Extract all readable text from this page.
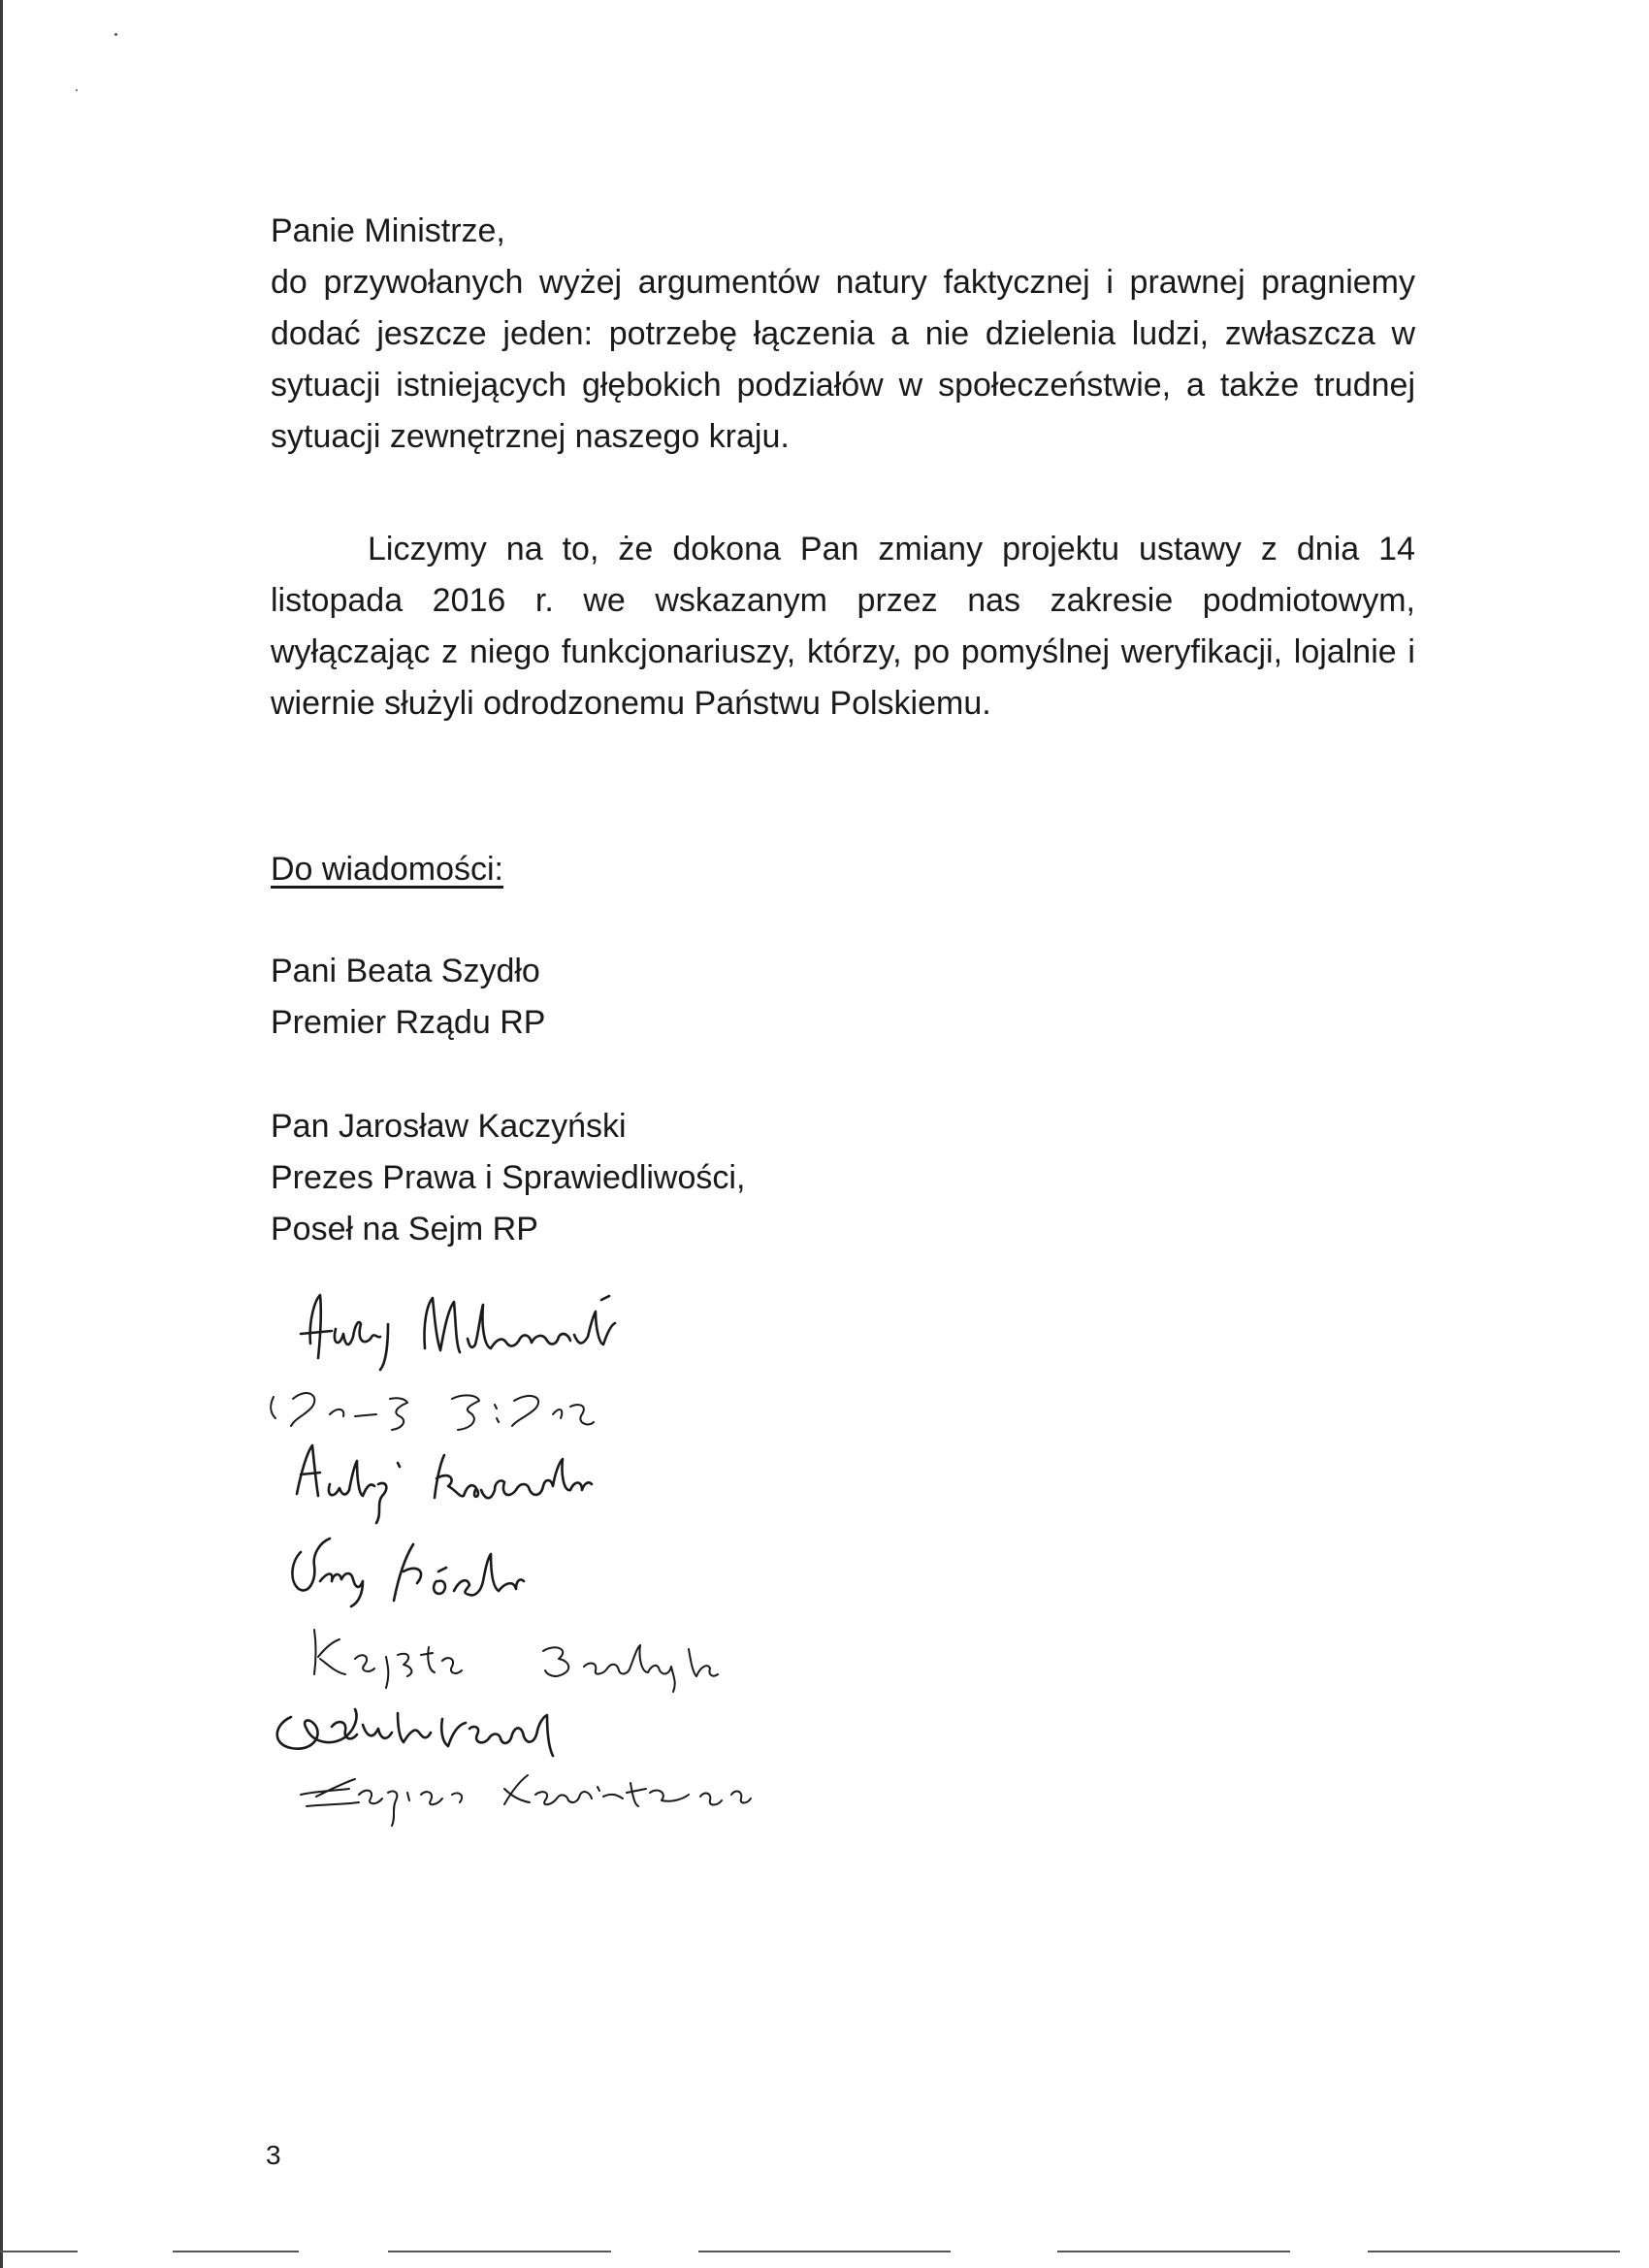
Panie Ministrze,
do przywołanych wyżej argumentów natury faktycznej i prawnej pragniemy dodać jeszcze jeden: potrzebę łączenia a nie dzielenia ludzi, zwłaszcza w sytuacji istniejących głębokich podziałów w społeczeństwie, a także trudnej sytuacji zewnętrznej naszego kraju.
Liczymy na to, że dokona Pan zmiany projektu ustawy z dnia 14 listopada 2016 r. we wskazanym przez nas zakresie podmiotowym, wyłączając z niego funkcjonariuszy, którzy, po pomyślnej weryfikacji, lojalnie i wiernie służyli odrodzonemu Państwu Polskiemu.
Do wiadomości:
Pani Beata Szydło
Premier Rządu RP
Pan Jarosław Kaczyński
Prezes Prawa i Sprawiedliwości,
Poseł na Sejm RP
3
